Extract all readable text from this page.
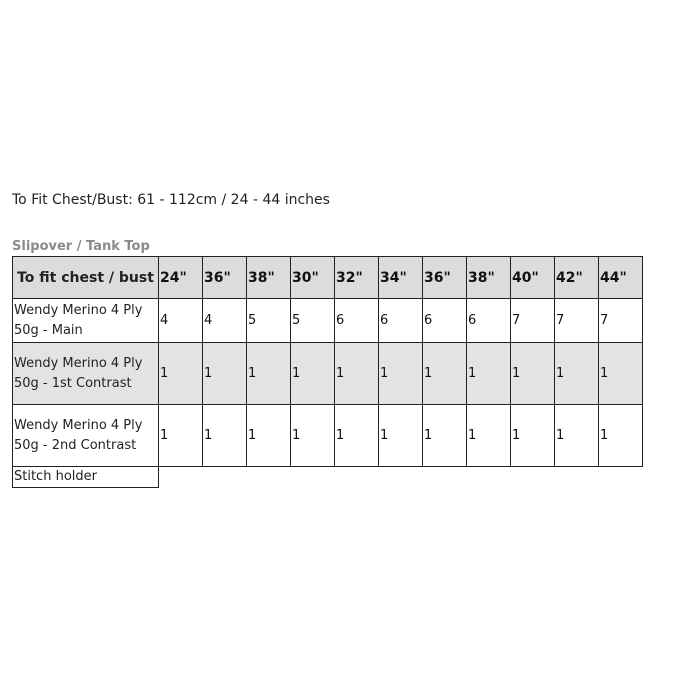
To Fit Chest/Bust: 61 - 112cm / 24 - 44 inches
Slipover / Tank Top
To fit chest / bust	24"	36"	38"	30"	32"	34"	36"	38"	40"	42"	44"
Wendy Merino 4 Ply 50g - Main	4	4	5	5	6	6	6	6	7	7	7
Wendy Merino 4 Ply 50g - 1st Contrast	1	1	1	1	1	1	1	1	1	1	1
Wendy Merino 4 Ply 50g - 2nd Contrast	1	1	1	1	1	1	1	1	1	1	1
Stitch holder											
